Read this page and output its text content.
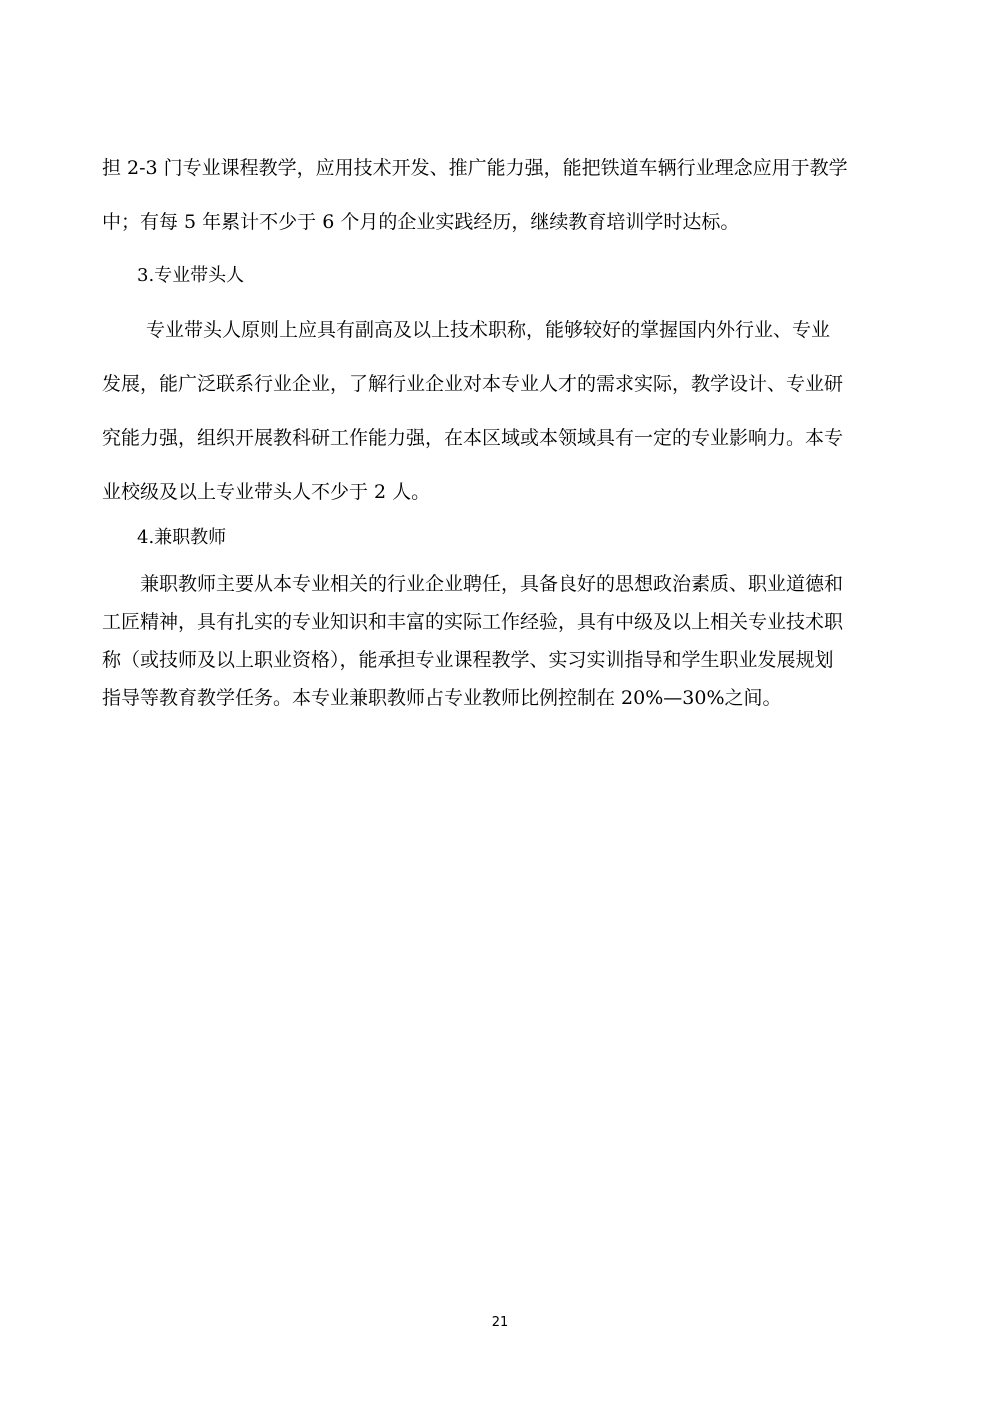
担 2-3 门专业课程教学，应用技术开发、推广能力强，能把铁道车辆行业理念应用于教学
中；有每 5 年累计不少于 6 个月的企业实践经历，继续教育培训学时达标。
3.专业带头人
专业带头人原则上应具有副高及以上技术职称，能够较好的掌握国内外行业、专业
发展，能广泛联系行业企业，了解行业企业对本专业人才的需求实际，教学设计、专业研
究能力强，组织开展教科研工作能力强，在本区域或本领域具有一定的专业影响力。本专
业校级及以上专业带头人不少于 2 人。
4.兼职教师
兼职教师主要从本专业相关的行业企业聘任，具备良好的思想政治素质、职业道德和
工匠精神，具有扎实的专业知识和丰富的实际工作经验，具有中级及以上相关专业技术职
称（或技师及以上职业资格），能承担专业课程教学、实习实训指导和学生职业发展规划
指导等教育教学任务。本专业兼职教师占专业教师比例控制在 20%—30%之间。
21
